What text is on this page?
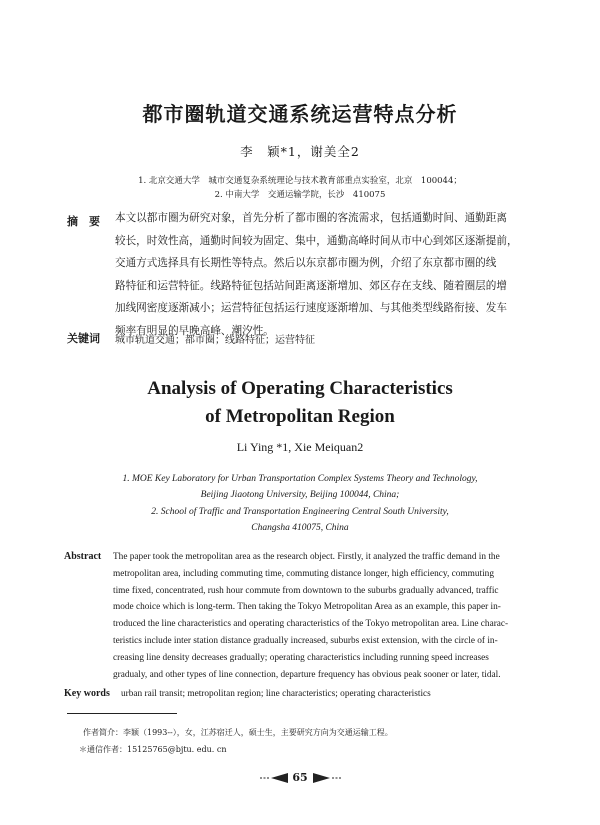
都市圈轨道交通系统运营特点分析
李　颖*1，谢美全2
1. 北京交通大学　城市交通复杂系统理论与技术教育部重点实验室，北京　100044；
2. 中南大学　交通运输学院，长沙　410075
摘　要 本文以都市圈为研究对象，首先分析了都市圈的客流需求，包括通勤时间、通勤距离
较长，时效性高，通勤时间较为固定、集中，通勤高峰时间从市中心到郊区逐渐提前，
交通方式选择具有长期性等特点。然后以东京都市圈为例，介绍了东京都市圈的线
路特征和运营特征。线路特征包括站间距离逐渐增加、郊区存在支线、随着圈层的增
加线网密度逐渐减小；运营特征包括运行速度逐渐增加、与其他类型线路衔接、发车
频率有明显的早晚高峰、潮汐性。
关键词 城市轨道交通；都市圈；线路特征；运营特征
Analysis of Operating Characteristics
of Metropolitan Region
Li Ying *1, Xie Meiquan2
1. MOE Key Laboratory for Urban Transportation Complex Systems Theory and Technology,
Beijing Jiaotong University, Beijing 100044, China;
2. School of Traffic and Transportation Engineering Central South University,
Changsha 410075, China
Abstract The paper took the metropolitan area as the research object. Firstly, it analyzed the traffic demand in the
metropolitan area, including commuting time, commuting distance longer, high efficiency, commuting
time fixed, concentrated, rush hour commute from downtown to the suburbs gradually advanced, traffic
mode choice which is long-term. Then taking the Tokyo Metropolitan Area as an example, this paper in-
troduced the line characteristics and operating characteristics of the Tokyo metropolitan area. Line charac-
teristics include inter station distance gradually increased, suburbs exist extension, with the circle of in-
creasing line density decreases gradually; operating characteristics including running speed increases
gradualy, and other types of line connection, departure frequency has obvious peak sooner or later, tidal.
Key words urban rail transit; metropolitan region; line characteristics; operating characteristics
作者简介：李颖（1993--），女，江苏宿迁人，硕士生，主要研究方向为交通运输工程。
＊通信作者：15125765@bjtu. edu. cn
65
